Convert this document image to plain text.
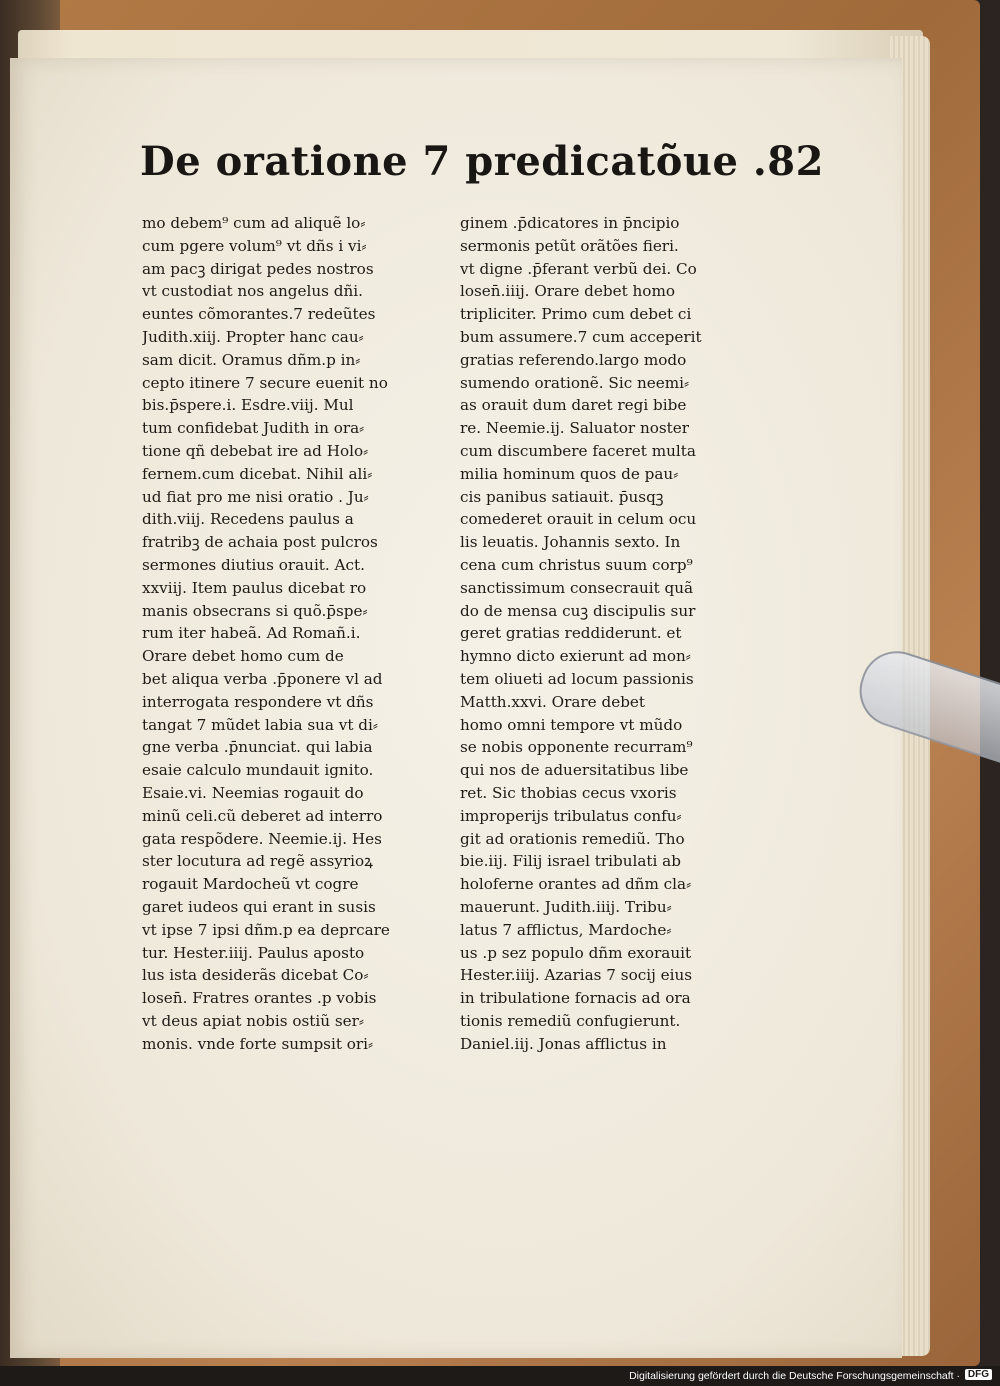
De oratione 7 predicatõue .82
mo debem⁹ cum ad aliquẽ lo⸗
cum pgere volum⁹ vt dñs i vi⸗
am pacꝫ dirigat pedes nostros
vt custodiat nos angelus dñi.
euntes cõmorantes.7 redeũtes
Judith.xiij. Propter hanc cau⸗
sam dicit. Oramus dñm.p in⸗
cepto itinere 7 secure euenit no
bis.p̄spere.i. Esdre.viij. Mul
tum confidebat Judith in ora⸗
tione qñ debebat ire ad Holo⸗
fernem.cum dicebat. Nihil ali⸗
ud fiat pro me nisi oratio . Ju⸗
dith.viij. Recedens paulus a
fratribꝫ de achaia post pulcros
sermones diutius orauit. Act.
xxviij. Item paulus dicebat ro
manis obsecrans si quõ.p̄spe⸗
rum iter habeã. Ad Romañ.i.
Orare debet homo cum de
bet aliqua verba .p̄ponere vl ad
interrogata respondere vt dñs
tangat 7 mũdet labia sua vt di⸗
gne verba .p̄nunciat. qui labia
esaie calculo mundauit ignito.
Esaie.vi. Neemias rogauit do
minũ celi.cũ deberet ad interro
gata respõdere. Neemie.ij. Hes
ster locutura ad regẽ assyrioꝝ
rogauit Mardocheũ vt cogre
garet iudeos qui erant in susis
vt ipse 7 ipsi dñm.p ea deprcare
tur. Hester.iiij. Paulus aposto
lus ista desiderãs dicebat Co⸗
losen̄. Fratres orantes .p vobis
vt deus apiat nobis ostiũ ser⸗
monis. vnde forte sumpsit ori⸗
ginem .p̄dicatores in p̄ncipio
sermonis petũt orãtões fieri.
vt digne .p̄ferant verbũ dei. Co
losen̄.iiij. Orare debet homo
tripliciter. Primo cum debet ci
bum assumere.7 cum acceperit
gratias referendo.largo modo
sumendo orationẽ. Sic neemi⸗
as orauit dum daret regi bibe
re. Neemie.ij. Saluator noster
cum discumbere faceret multa
milia hominum quos de pau⸗
cis panibus satiauit. p̄usqꝫ
comederet orauit in celum ocu
lis leuatis. Johannis sexto. In
cena cum christus suum corp⁹
sanctissimum consecrauit quã
do de mensa cuꝫ discipulis sur
geret gratias reddiderunt. et
hymno dicto exierunt ad mon⸗
tem oliueti ad locum passionis
Matth.xxvi. Orare debet
homo omni tempore vt mũdo
se nobis opponente recurram⁹
qui nos de aduersitatibus libe
ret. Sic thobias cecus vxoris
improperijs tribulatus confu⸗
git ad orationis remediũ. Tho
bie.iij. Filij israel tribulati ab
holoferne orantes ad dñm cla⸗
mauerunt. Judith.iiij. Tribu⸗
latus 7 afflictus, Mardoche⸗
us .p sez populo dñm exorauit
Hester.iiij. Azarias 7 socij eius
in tribulatione fornacis ad ora
tionis remediũ confugierunt.
Daniel.iij. Jonas afflictus in
Digitalisierung gefördert durch die Deutsche Forschungsgemeinschaft · DFG
